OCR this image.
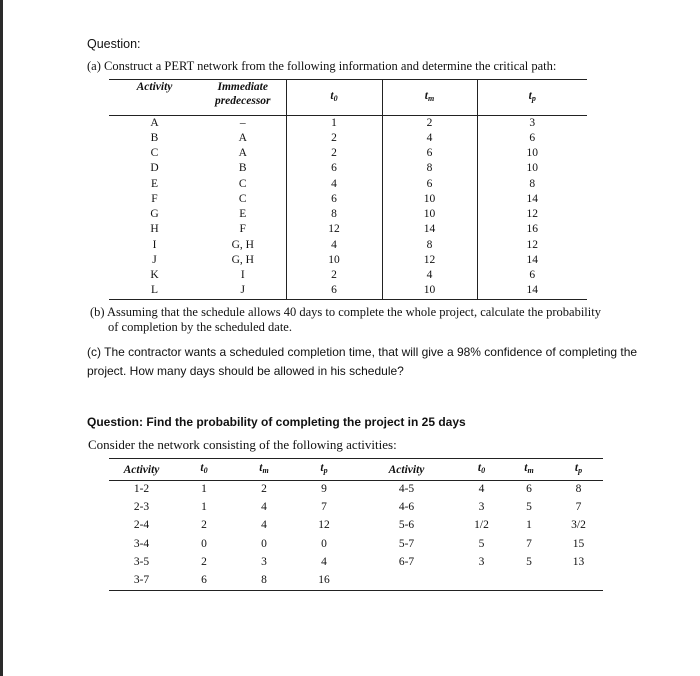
Question:
(a) Construct a PERT network from the following information and determine the critical path:
Activity	Immediate
predecessor	$t_0$	$t_m$	$t_p$
A	–	1	2	3
B	A	2	4	6
C	A	2	6	10
D	B	6	8	10
E	C	4	6	8
F	C	6	10	14
G	E	8	10	12
H	F	12	14	16
I	G, H	4	8	12
J	G, H	10	12	14
K	I	2	4	6
L	J	6	10	14
(b) Assuming that the schedule allows 40 days to complete the whole project, calculate the probability
of completion by the scheduled date.
(c) The contractor wants a scheduled completion time, that will give a 98% confidence of completing the
project. How many days should be allowed in his schedule?
Question: Find the probability of completing the project in 25 days
Consider the network consisting of the following activities:
Activity	$t_0$	$t_m$	$t_p$	Activity	$t_0$	$t_m$	$t_p$
1-2	1	2	9	4-5	4	6	8
2-3	1	4	7	4-6	3	5	7
2-4	2	4	12	5-6	1/2	1	3/2
3-4	0	0	0	5-7	5	7	15
3-5	2	3	4	6-7	3	5	13
3-7	6	8	16				
